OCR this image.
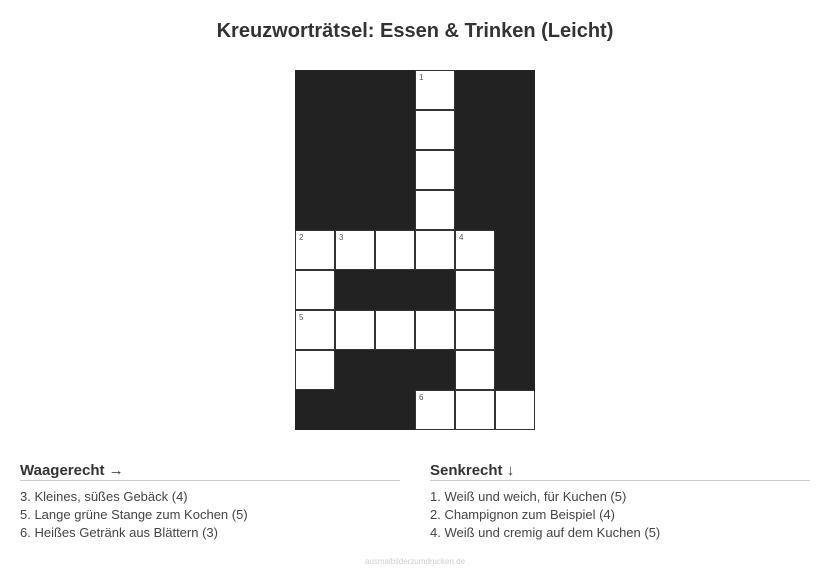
Kreuzworträtsel: Essen & Trinken (Leicht)
1
2	3	4
5
6
Waagerecht →
3. Kleines, süßes Gebäck (4)
5. Lange grüne Stange zum Kochen (5)
6. Heißes Getränk aus Blättern (3)
Senkrecht ↓
1. Weiß und weich, für Kuchen (5)
2. Champignon zum Beispiel (4)
4. Weiß und cremig auf dem Kuchen (5)
ausmalbilderzumdrucken.de
